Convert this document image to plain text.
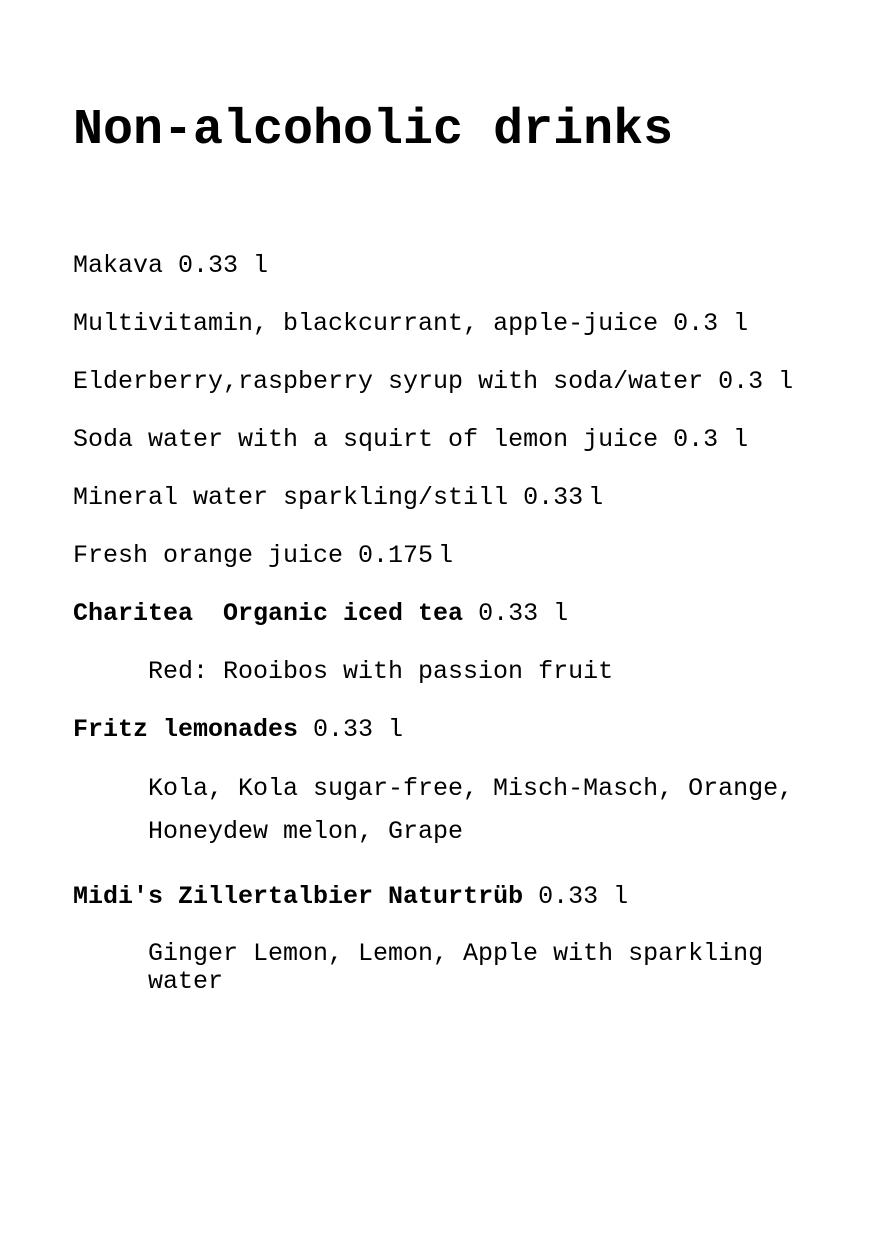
Non-alcoholic drinks

Makava 0.33 l

Multivitamin, blackcurrant, apple-juice 0.3 l

Elderberry,raspberry syrup with soda/water 0.3 l

Soda water with a squirt of lemon juice 0.3 l

Mineral water sparkling/still 0.33 l

Fresh orange juice 0.175 l

Charitea  Organic iced tea 0.33 l

Red: Rooibos with passion fruit

Fritz lemonades 0.33 l

Kola, Kola sugar-free, Misch-Masch, Orange, Honeydew melon, Grape

Midi's Zillertalbier Naturtrüb 0.33 l

Ginger Lemon, Lemon, Apple with sparkling water
